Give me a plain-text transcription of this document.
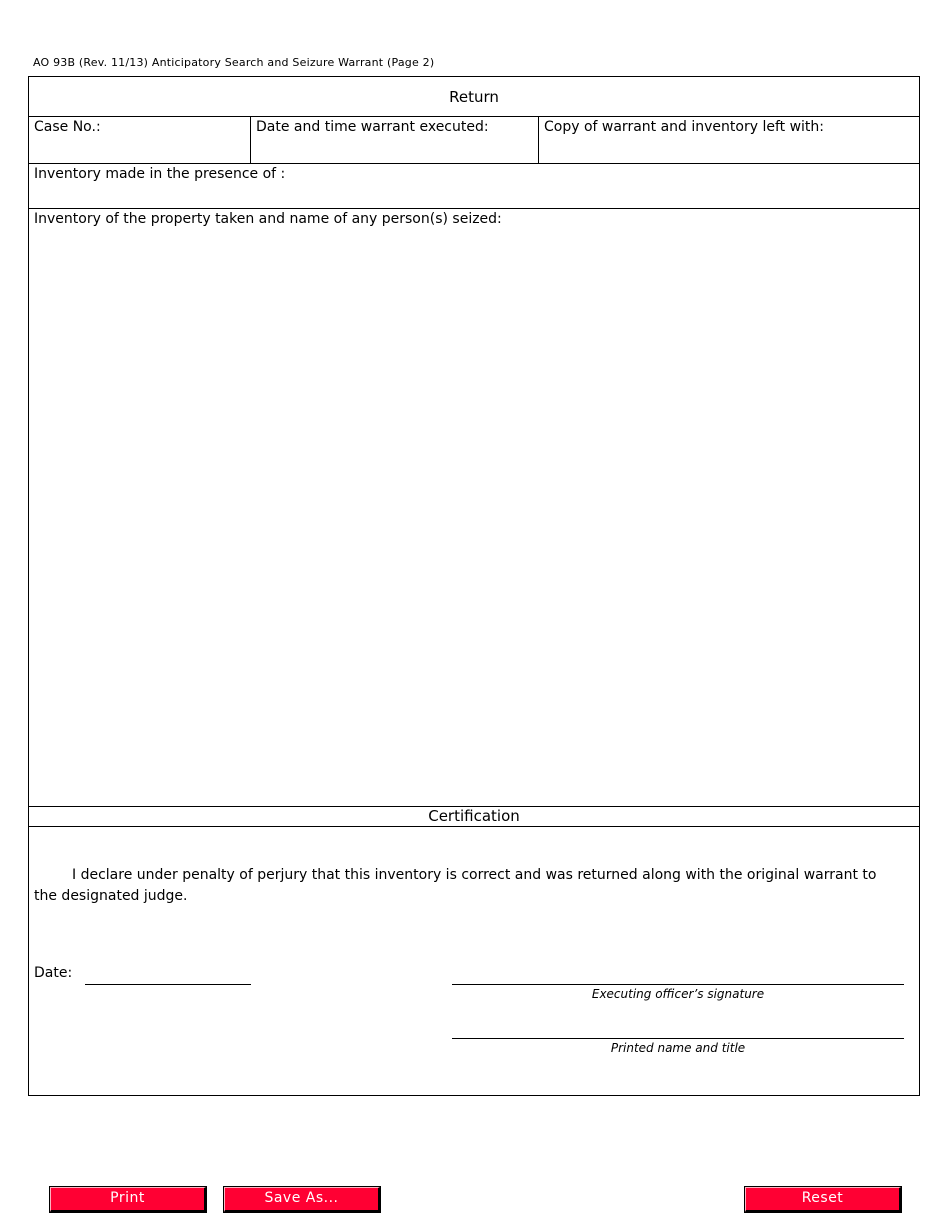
AO 93B (Rev. 11/13) Anticipatory Search and Seizure Warrant (Page 2)
Return
Case No.:	Date and time warrant executed:	Copy of warrant and inventory left with:
Inventory made in the presence of :
Inventory of the property taken and name of any person(s) seized:
Certification
I declare under penalty of perjury that this inventory is correct and was returned along with the original warrant to the designated judge.
Date:
Executing officer’s signature
Printed name and title
Print	Save As...	Reset
